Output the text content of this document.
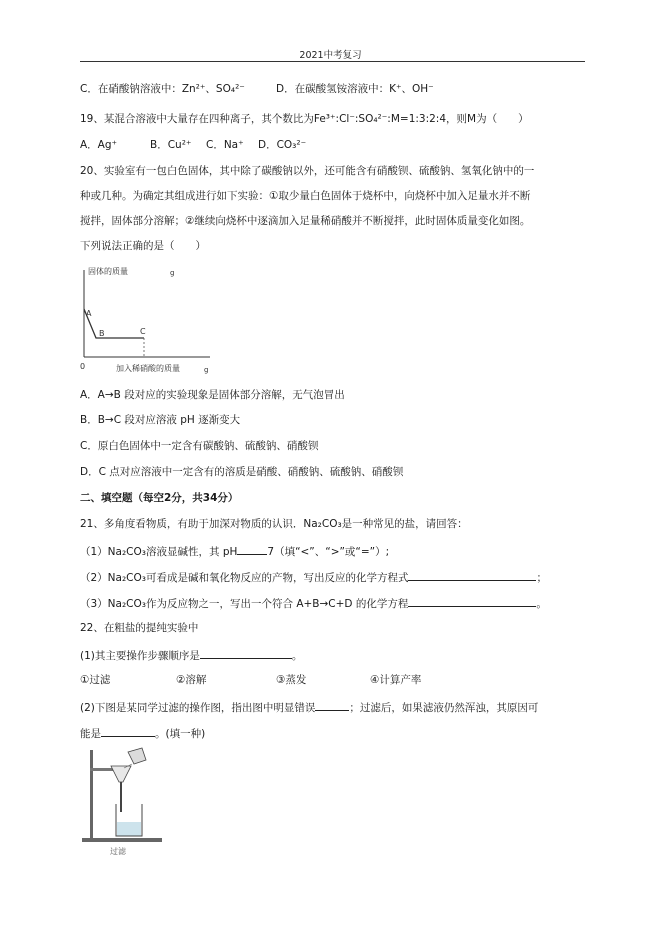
2021中考复习
C．在硝酸钠溶液中：Zn²⁺、SO₄²⁻	D．在碳酸氢铵溶液中：K⁺、OH⁻
19、某混合溶液中大量存在四种离子，其个数比为Fe³⁺:Cl⁻:SO₄²⁻:M=1:3:2:4，则M为（　　）
A．Ag⁺	B．Cu²⁺ C．Na⁺ D．CO₃²⁻
20、实验室有一包白色固体，其中除了碳酸钠以外，还可能含有硝酸钡、硫酸钠、氢氧化钠中的一
种或几种。为确定其组成进行如下实验：①取少量白色固体于烧杯中，向烧杯中加入足量水并不断
搅拌，固体部分溶解；②继续向烧杯中逐滴加入足量稀硝酸并不断搅拌，此时固体质量变化如图。
下列说法正确的是（　　）
固体的质量	g
A
B	C
0	加入稀硝酸的质量	g
A．A→B 段对应的实验现象是固体部分溶解，无气泡冒出
B．B→C 段对应溶液 pH 逐渐变大
C．原白色固体中一定含有碳酸钠、硫酸钠、硝酸钡
D．C 点对应溶液中一定含有的溶质是硝酸、硝酸钠、硫酸钠、硝酸钡
二、填空题（每空2分，共34分）
21、多角度看物质，有助于加深对物质的认识．Na₂CO₃是一种常见的盐，请回答：
（1）Na₂CO₃溶液显碱性，其 pH	7（填“<”、“>”或“=”）;
（2）Na₂CO₃可看成是碱和氧化物反应的产物，写出反应的化学方程式	；
（3）Na₂CO₃作为反应物之一，写出一个符合 A+B→C+D 的化学方程	。
22、在粗盐的提纯实验中
(1)其主要操作步骤顺序是	。
①过滤	②溶解	③蒸发	④计算产率
(2)下图是某同学过滤的操作图，指出图中明显错误	；过滤后，如果滤液仍然浑浊，其原因可
能是	。(填一种)
过滤
